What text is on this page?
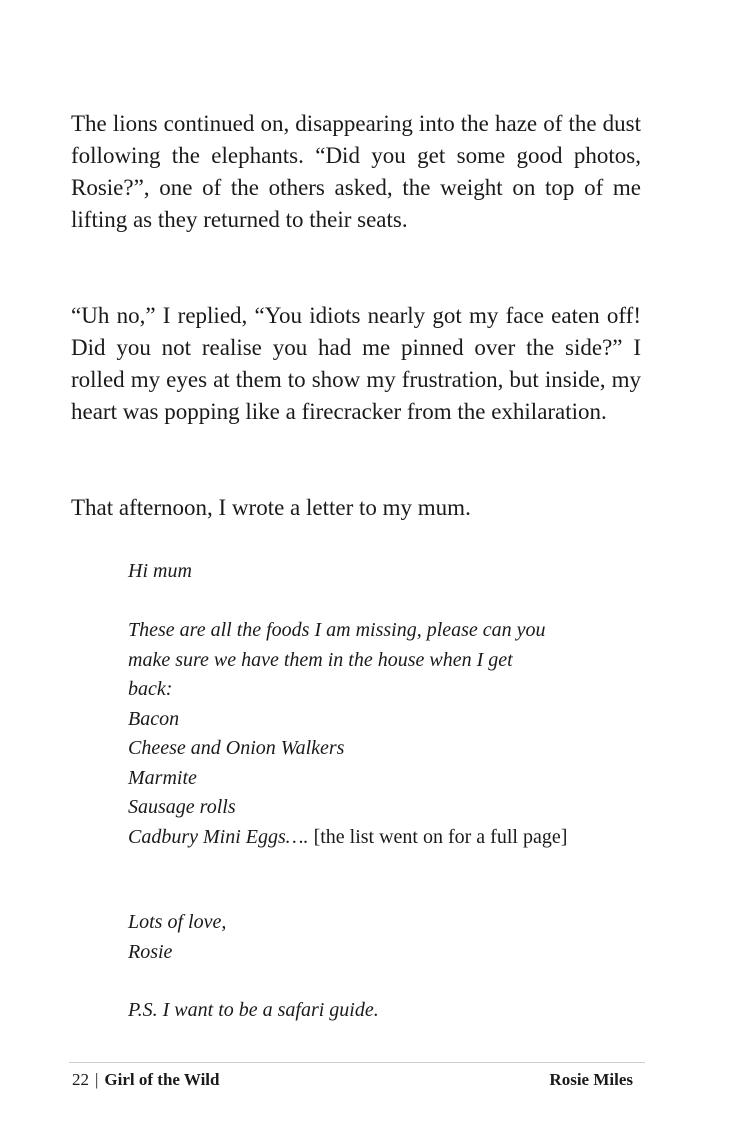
The lions continued on, disappearing into the haze of the dust following the elephants. “Did you get some good photos, Rosie?”, one of the others asked, the weight on top of me lifting as they returned to their seats.

“Uh no,” I replied, “You idiots nearly got my face eaten off! Did you not realise you had me pinned over the side?” I rolled my eyes at them to show my frustration, but inside, my heart was popping like a firecracker from the exhilaration.

That afternoon, I wrote a letter to my mum.

Hi mum

These are all the foods I am missing, please can you
make sure we have them in the house when I get
back:
Bacon
Cheese and Onion Walkers
Marmite
Sausage rolls
Cadbury Mini Eggs…. [the list went on for a full page]
Lots of love,
Rosie

P.S. I want to be a safari guide.

22 | Girl of the Wild	Rosie Miles
